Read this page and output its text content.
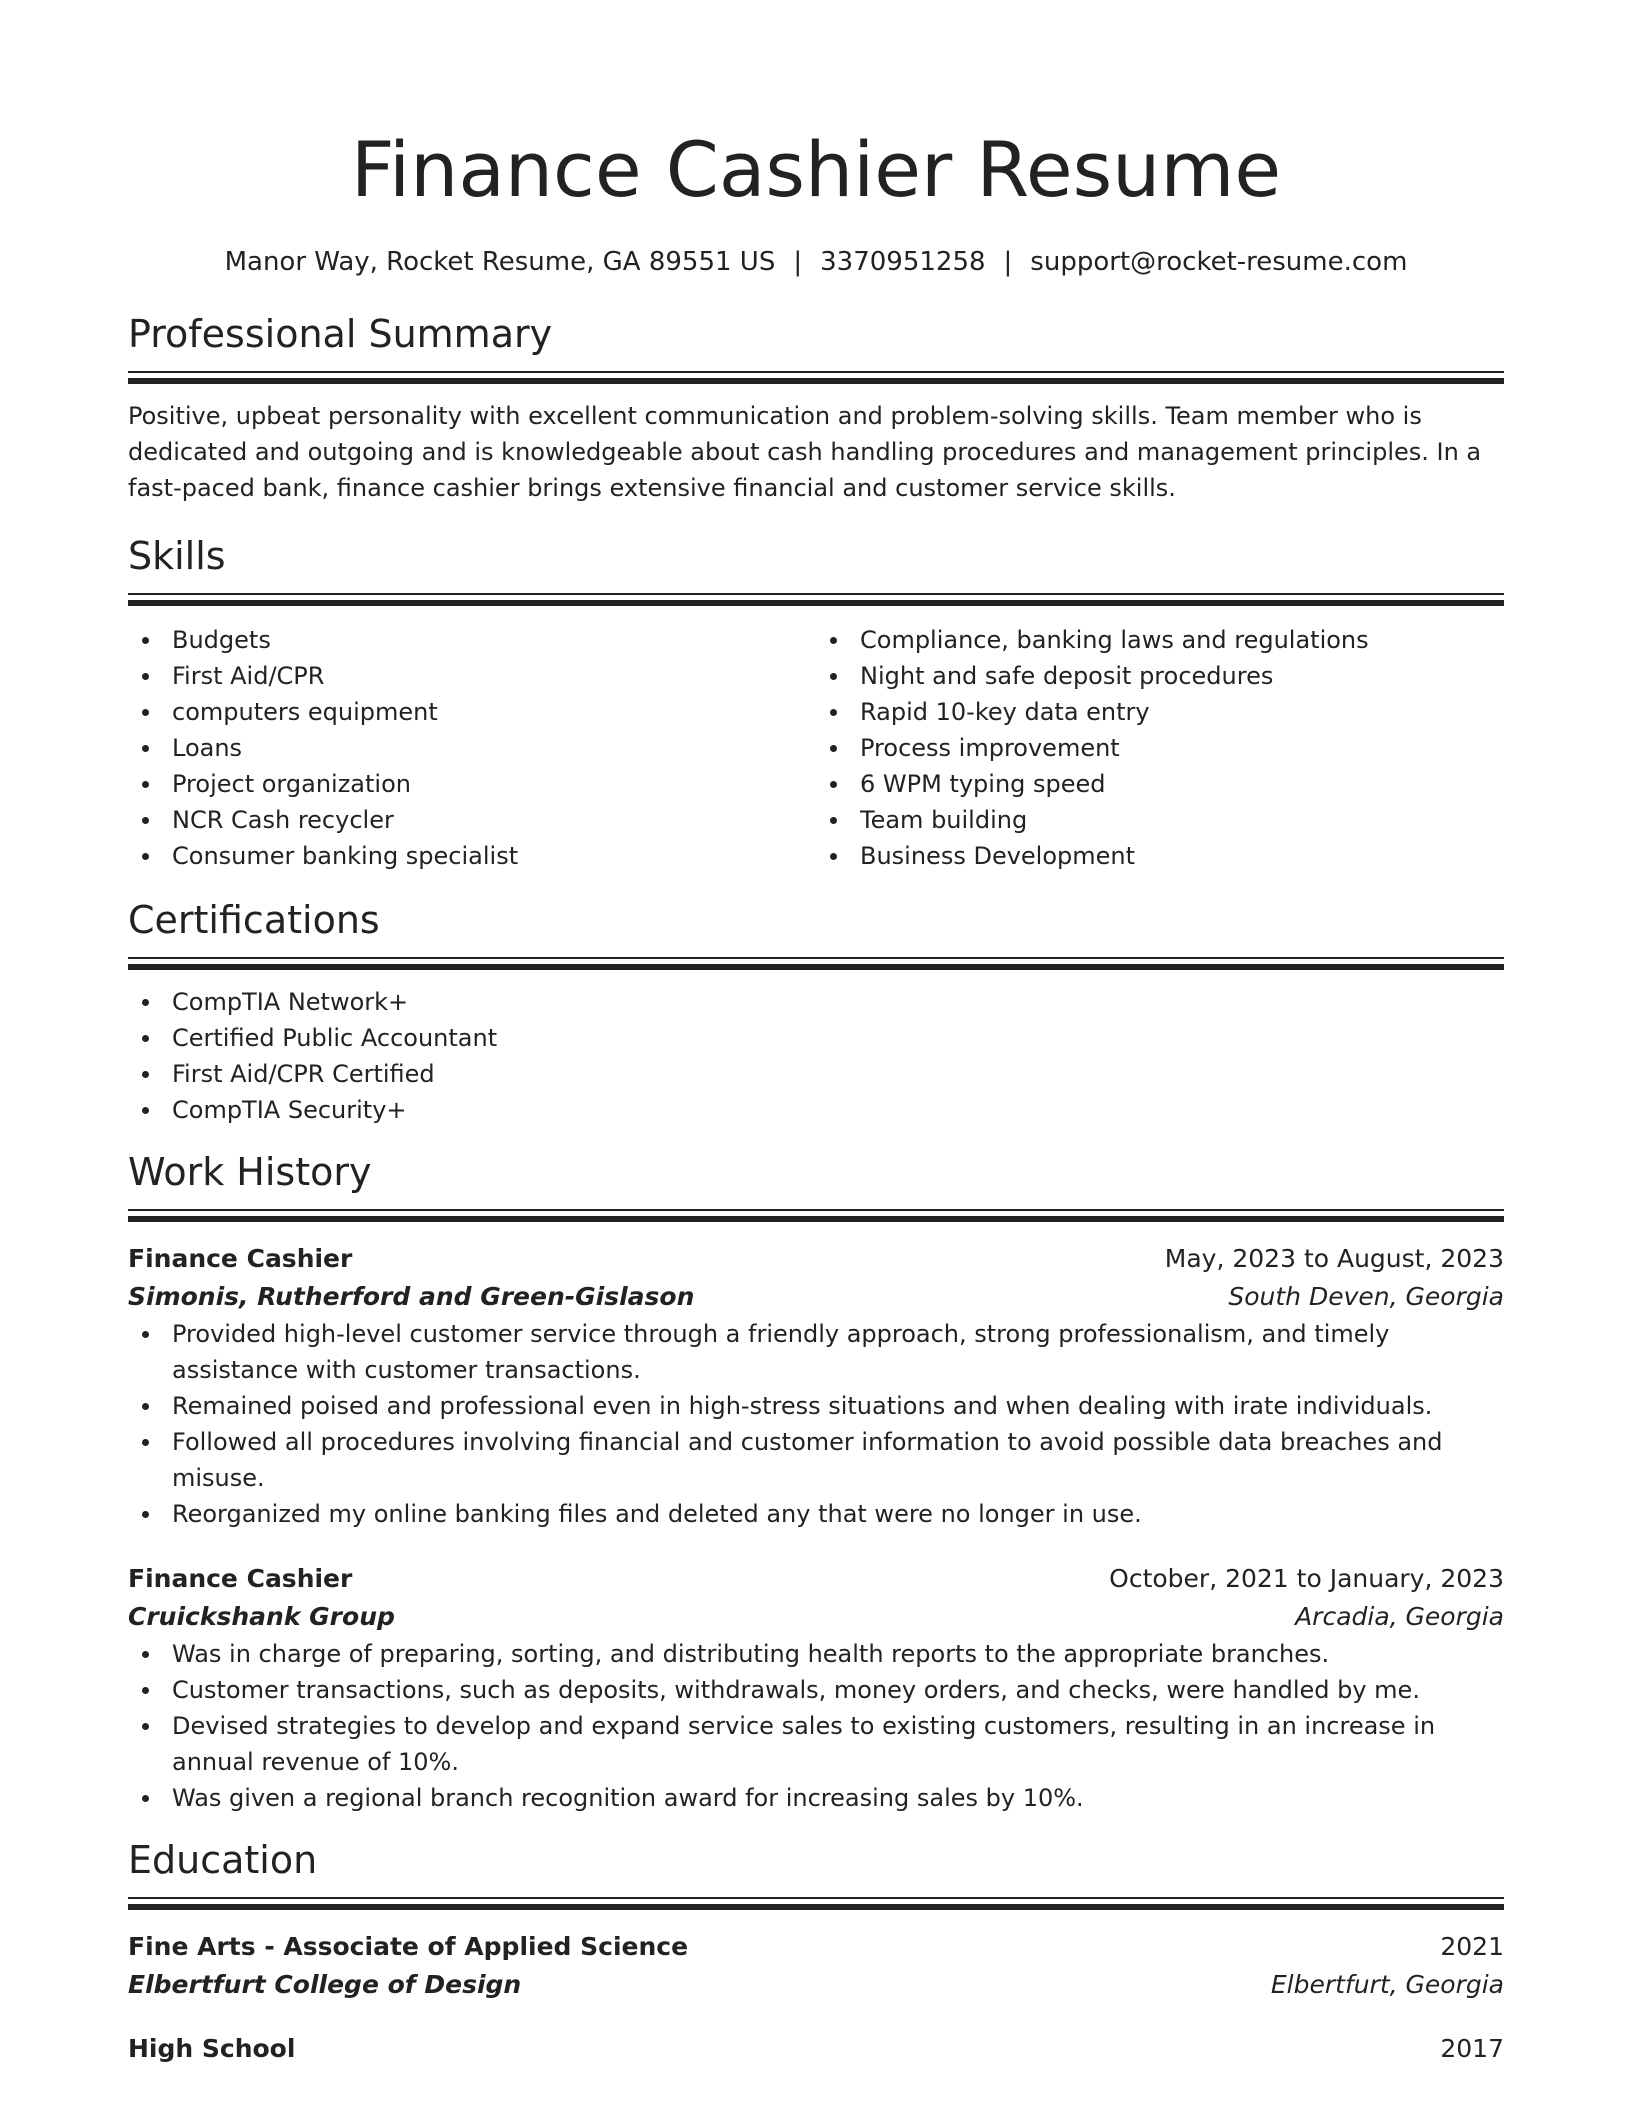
Finance Cashier Resume
Manor Way, Rocket Resume, GA 89551 US | 3370951258 | support@rocket-resume.com
Professional Summary

Positive, upbeat personality with excellent communication and problem-solving skills. Team member who is dedicated and outgoing and is knowledgeable about cash handling procedures and management principles. In a fast-paced bank, finance cashier brings extensive financial and customer service skills.

Skills
Budgets
First Aid/CPR
computers equipment
Loans
Project organization
NCR Cash recycler
Consumer banking specialist
Compliance, banking laws and regulations
Night and safe deposit procedures
Rapid 10-key data entry
Process improvement
6 WPM typing speed
Team building
Business Development
Certifications
CompTIA Network+
Certified Public Accountant
First Aid/CPR Certified
CompTIA Security+
Work History
Finance Cashier	May, 2023 to August, 2023
Simonis, Rutherford and Green-Gislason	South Deven, Georgia
Provided high-level customer service through a friendly approach, strong professionalism, and timely assistance with customer transactions.
Remained poised and professional even in high-stress situations and when dealing with irate individuals.
Followed all procedures involving financial and customer information to avoid possible data breaches and misuse.
Reorganized my online banking files and deleted any that were no longer in use.
Finance Cashier	October, 2021 to January, 2023
Cruickshank Group	Arcadia, Georgia
Was in charge of preparing, sorting, and distributing health reports to the appropriate branches.
Customer transactions, such as deposits, withdrawals, money orders, and checks, were handled by me.
Devised strategies to develop and expand service sales to existing customers, resulting in an increase in annual revenue of 10%.
Was given a regional branch recognition award for increasing sales by 10%.
Education
Fine Arts - Associate of Applied Science	2021
Elbertfurt College of Design	Elbertfurt, Georgia
High School	2017
